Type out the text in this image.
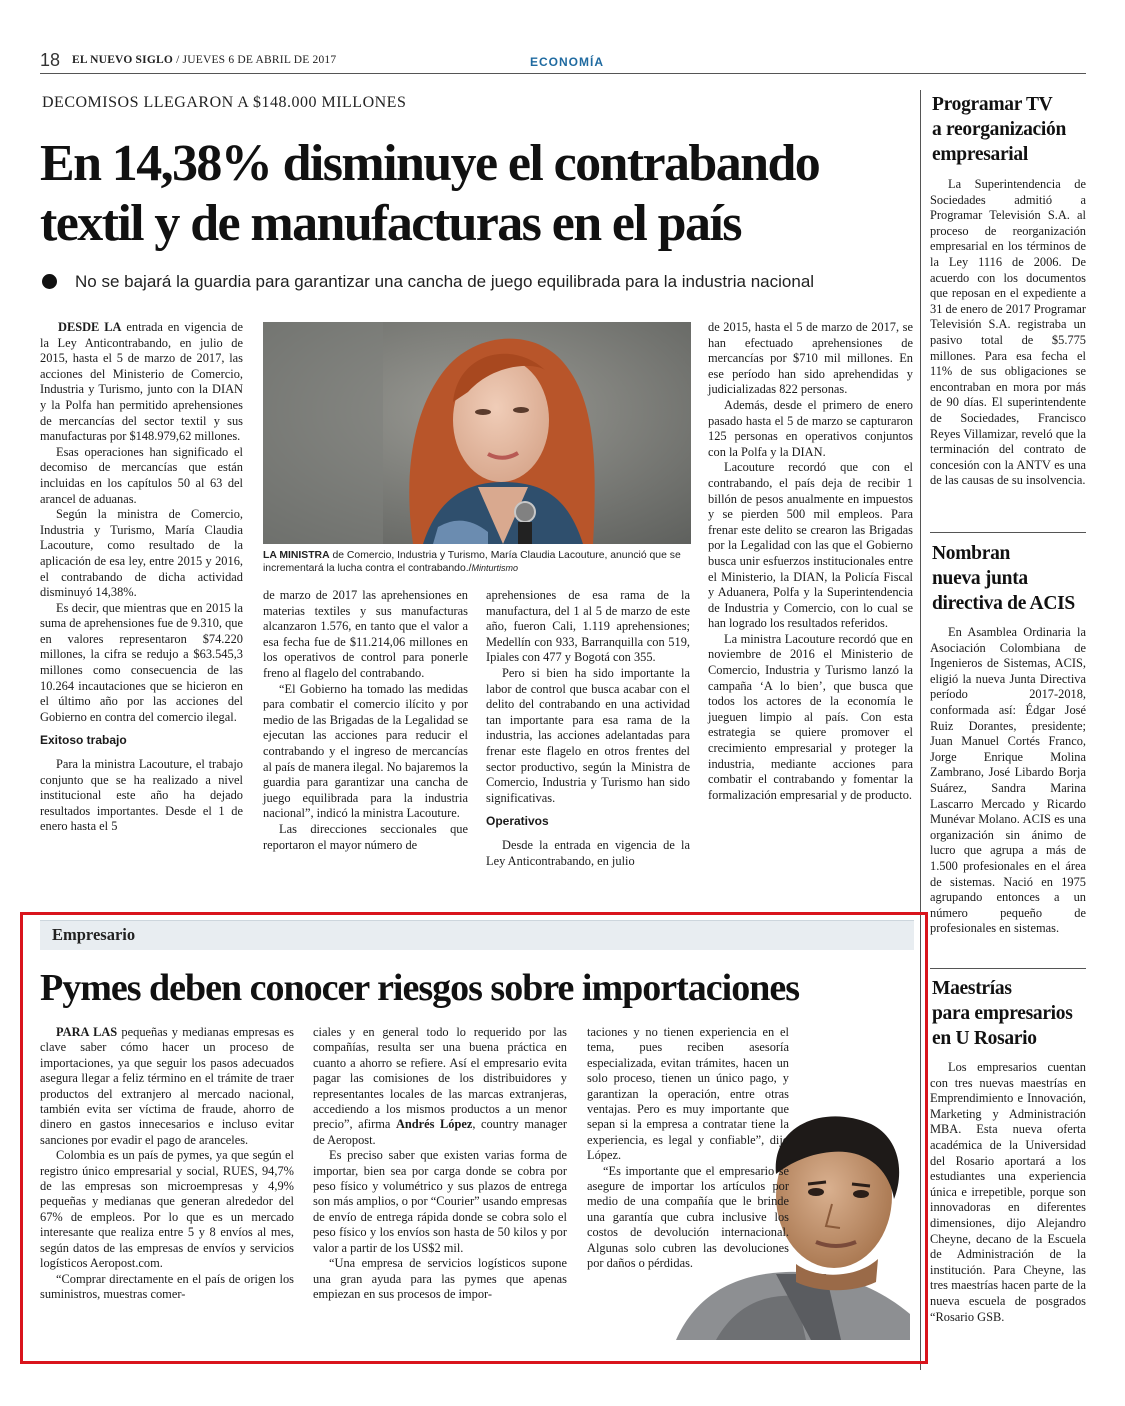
18 EL NUEVO SIGLO / JUEVES 6 DE ABRIL DE 2017	ECONOMÍA
DECOMISOS LLEGARON A $148.000 MILLONES
En 14,38% disminuye el contrabando textil y de manufacturas en el país
No se bajará la guardia para garantizar una cancha de juego equilibrada para la industria nacional

DESDE LA entrada en vigencia de la Ley Anticontrabando, en julio de 2015, hasta el 5 de marzo de 2017, las acciones del Ministerio de Comercio, Industria y Turismo, junto con la DIAN y la Polfa han permitido aprehensiones de mercancías del sector textil y sus manufacturas por $148.979,62 millones.

Esas operaciones han significado el decomiso de mercancías que están incluidas en los capítulos 50 al 63 del arancel de aduanas.

Según la ministra de Comercio, Industria y Turismo, María Claudia Lacouture, como resultado de la aplicación de esa ley, entre 2015 y 2016, el contrabando de dicha actividad disminuyó 14,38%.

Es decir, que mientras que en 2015 la suma de aprehensiones fue de 9.310, que en valores representaron $74.220 millones, la cifra se redujo a $63.545,3 millones como consecuencia de las 10.264 incautaciones que se hicieron en el último año por las acciones del Gobierno en contra del comercio ilegal.

Exitoso trabajo

Para la ministra Lacouture, el trabajo conjunto que se ha realizado a nivel institucional este año ha dejado resultados importantes. Desde el 1 de enero hasta el 5

LA MINISTRA de Comercio, Industria y Turismo, María Claudia Lacouture, anunció que se incrementará la lucha contra el contrabando./Minturtismo

de marzo de 2017 las aprehensiones en materias textiles y sus manufacturas alcanzaron 1.576, en tanto que el valor a esa fecha fue de $11.214,06 millones en los operativos de control para ponerle freno al flagelo del contrabando.

“El Gobierno ha tomado las medidas para combatir el comercio ilícito y por medio de las Brigadas de la Legalidad se ejecutan las acciones para reducir el contrabando y el ingreso de mercancías al país de manera ilegal. No bajaremos la guardia para garantizar una cancha de juego equilibrada para la industria nacional”, indicó la ministra Lacouture.

Las direcciones seccionales que reportaron el mayor número de

aprehensiones de esa rama de la manufactura, del 1 al 5 de marzo de este año, fueron Cali, 1.119 aprehensiones; Medellín con 933, Barranquilla con 519, Ipiales con 477 y Bogotá con 355.

Pero si bien ha sido importante la labor de control que busca acabar con el delito del contrabando en una actividad tan importante para esa rama de la industria, las acciones adelantadas para frenar este flagelo en otros frentes del sector productivo, según la Ministra de Comercio, Industria y Turismo han sido significativas.

Operativos

Desde la entrada en vigencia de la Ley Anticontrabando, en julio

de 2015, hasta el 5 de marzo de 2017, se han efectuado aprehensiones de mercancías por $710 mil millones. En ese período han sido aprehendidas y judicializadas 822 personas.

Además, desde el primero de enero pasado hasta el 5 de marzo se capturaron 125 personas en operativos conjuntos con la Polfa y la DIAN.

Lacouture recordó que con el contrabando, el país deja de recibir 1 billón de pesos anualmente en impuestos y se pierden 500 mil empleos. Para frenar este delito se crearon las Brigadas por la Legalidad con las que el Gobierno busca unir esfuerzos institucionales entre el Ministerio, la DIAN, la Policía Fiscal y Aduanera, Polfa y la Superintendencia de Industria y Comercio, con lo cual se han logrado los resultados referidos.

La ministra Lacouture recordó que en noviembre de 2016 el Ministerio de Comercio, Industria y Turismo lanzó la campaña ‘A lo bien’, que busca que todos los actores de la economía le jueguen limpio al país. Con esta estrategia se quiere promover el crecimiento empresarial y proteger la industria, mediante acciones para combatir el contrabando y fomentar la formalización empresarial y de producto.

Programar TV
a reorganización
empresarial

La Superintendencia de Sociedades admitió a Programar Televisión S.A. al proceso de reorganización empresarial en los términos de la Ley 1116 de 2006. De acuerdo con los documentos que reposan en el expediente a 31 de enero de 2017 Programar Televisión S.A. registraba un pasivo total de $5.775 millones. Para esa fecha el 11% de sus obligaciones se encontraban en mora por más de 90 días. El superintendente de Sociedades, Francisco Reyes Villamizar, reveló que la terminación del contrato de concesión con la ANTV es una de las causas de su insolvencia.

Nombran
nueva junta
directiva de ACIS

En Asamblea Ordinaria la Asociación Colombiana de Ingenieros de Sistemas, ACIS, eligió la nueva Junta Directiva período 2017-2018, conformada así: Édgar José Ruiz Dorantes, presidente; Juan Manuel Cortés Franco, Jorge Enrique Molina Zambrano, José Libardo Borja Suárez, Sandra Marina Lascarro Mercado y Ricardo Munévar Molano. ACIS es una organización sin ánimo de lucro que agrupa a más de 1.500 profesionales en el área de sistemas. Nació en 1975 agrupando entonces a un número pequeño de profesionales en sistemas.

Maestrías
para empresarios
en U Rosario

Los empresarios cuentan con tres nuevas maestrías en Emprendimiento e Innovación, Marketing y Administración MBA. Esta nueva oferta académica de la Universidad del Rosario aportará a los estudiantes una experiencia única e irrepetible, porque son innovadoras en diferentes dimensiones, dijo Alejandro Cheyne, decano de la Escuela de Administración de la institución. Para Cheyne, las tres maestrías hacen parte de la nueva escuela de posgrados “Rosario GSB.

Empresario
Pymes deben conocer riesgos sobre importaciones

PARA LAS pequeñas y medianas empresas es clave saber cómo hacer un proceso de importaciones, ya que seguir los pasos adecuados asegura llegar a feliz término en el trámite de traer productos del extranjero al mercado nacional, también evita ser víctima de fraude, ahorro de dinero en gastos innecesarios e incluso evitar sanciones por evadir el pago de aranceles.

Colombia es un país de pymes, ya que según el registro único empresarial y social, RUES, 94,7% de las empresas son microempresas y 4,9% pequeñas y medianas que generan alrededor del 67% de empleos. Por lo que es un mercado interesante que realiza entre 5 y 8 envíos al mes, según datos de las empresas de envíos y servicios logísticos Aeropost.com.

“Comprar directamente en el país de origen los suministros, muestras comer-

ciales y en general todo lo requerido por las compañías, resulta ser una buena práctica en cuanto a ahorro se refiere. Así el empresario evita pagar las comisiones de los distribuidores y representantes locales de las marcas extranjeras, accediendo a los mismos productos a un menor precio”, afirma Andrés López, country manager de Aeropost.

Es preciso saber que existen varias forma de importar, bien sea por carga donde se cobra por peso físico y volumétrico y sus plazos de entrega son más amplios, o por “Courier” usando empresas de envío de entrega rápida donde se cobra solo el peso físico y los envíos son hasta de 50 kilos y por valor a partir de los US$2 mil.

“Una empresa de servicios logísticos supone una gran ayuda para las pymes que apenas empiezan en sus procesos de impor-

taciones y no tienen experiencia en el tema, pues reciben asesoría especializada, evitan trámites, hacen un solo proceso, tienen un único pago, y garantizan la operación, entre otras ventajas. Pero es muy importante que sepan si la empresa a contratar tiene la experiencia, es legal y confiable”, dijo López.

“Es importante que el empresario se asegure de importar los artículos por medio de una compañía que le brinde una garantía que cubra inclusive los costos de devolución internacional. Algunas solo cubren las devoluciones por daños o pérdidas.
